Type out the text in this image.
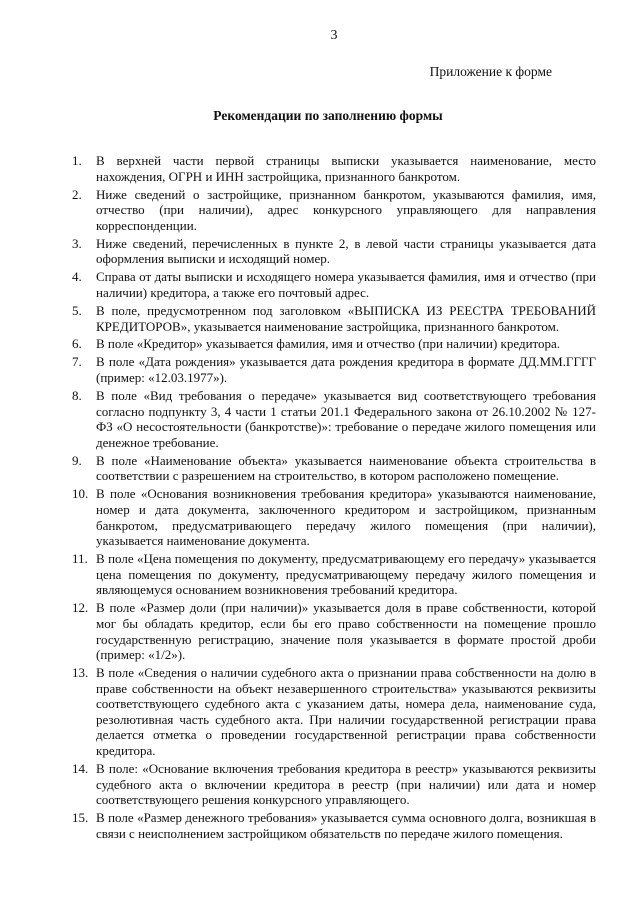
3
Приложение к форме
Рекомендации по заполнению формы
1.	В верхней части первой страницы выписки указывается наименование, место нахождения, ОГРН и ИНН застройщика, признанного банкротом.
2.	Ниже сведений о застройщике, признанном банкротом, указываются фамилия, имя, отчество (при наличии), адрес конкурсного управляющего для направления корреспонденции.
3.	Ниже сведений, перечисленных в пункте 2, в левой части страницы указывается дата оформления выписки и исходящий номер.
4.	Справа от даты выписки и исходящего номера указывается фамилия, имя и отчество (при наличии) кредитора, а также его почтовый адрес.
5.	В поле, предусмотренном под заголовком «ВЫПИСКА ИЗ РЕЕСТРА ТРЕБОВАНИЙ КРЕДИТОРОВ», указывается наименование застройщика, признанного банкротом.
6.	В поле «Кредитор» указывается фамилия, имя и отчество (при наличии) кредитора.
7.	В поле «Дата рождения» указывается дата рождения кредитора в формате ДД.ММ.ГГГГ (пример: «12.03.1977»).
8.	В поле «Вид требования о передаче» указывается вид соответствующего требования согласно подпункту 3, 4 части 1 статьи 201.1 Федерального закона от 26.10.2002 № 127-ФЗ «О несостоятельности (банкротстве)»: требование о передаче жилого помещения или денежное требование.
9.	В поле «Наименование объекта» указывается наименование объекта строительства в соответствии с разрешением на строительство, в котором расположено помещение.
10. В поле «Основания возникновения требования кредитора» указываются наименование, номер и дата документа, заключенного кредитором и застройщиком, признанным банкротом, предусматривающего передачу жилого помещения (при наличии), указывается наименование документа.
11. В поле «Цена помещения по документу, предусматривающему его передачу» указывается цена помещения по документу, предусматривающему передачу жилого помещения и являющемуся основанием возникновения требований кредитора.
12. В поле «Размер доли (при наличии)» указывается доля в праве собственности, которой мог бы обладать кредитор, если бы его право собственности на помещение прошло государственную регистрацию, значение поля указывается в формате простой дроби (пример: «1/2»).
13. В поле «Сведения о наличии судебного акта о признании права собственности на долю в праве собственности на объект незавершенного строительства» указываются реквизиты соответствующего судебного акта с указанием даты, номера дела, наименование суда, резолютивная часть судебного акта. При наличии государственной регистрации права делается отметка о проведении государственной регистрации права собственности кредитора.
14. В поле: «Основание включения требования кредитора в реестр» указываются реквизиты судебного акта о включении кредитора в реестр (при наличии) или дата и номер соответствующего решения конкурсного управляющего.
15. В поле «Размер денежного требования» указывается сумма основного долга, возникшая в связи с неисполнением застройщиком обязательств по передаче жилого помещения.
